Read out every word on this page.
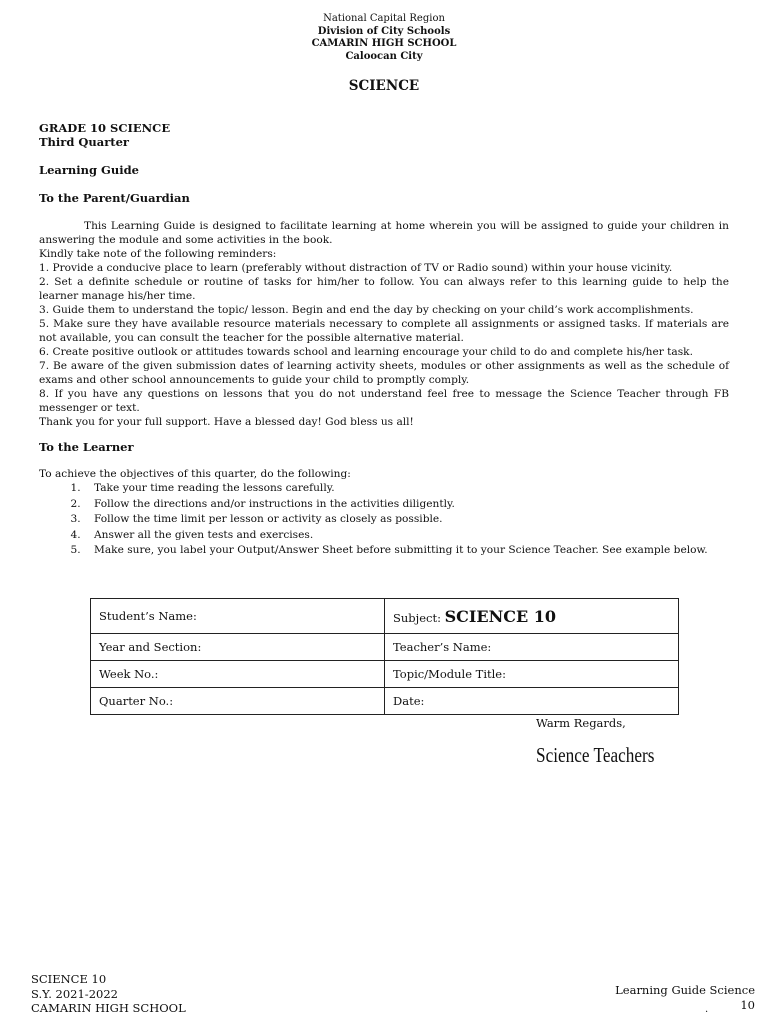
National Capital Region
Division of City Schools
CAMARIN HIGH SCHOOL
Caloocan City
SCIENCE
GRADE 10 SCIENCE
Third Quarter
Learning Guide
To the Parent/Guardian

This Learning Guide is designed to facilitate learning at home wherein you will be assigned to guide your children in answering the module and some activities in the book.

Kindly take note of the following reminders:

1. Provide a conducive place to learn (preferably without distraction of TV or Radio sound) within your house vicinity.

2. Set a definite schedule or routine of tasks for him/her to follow. You can always refer to this learning guide to help the learner manage his/her time.

3. Guide them to understand the topic/ lesson. Begin and end the day by checking on your child’s work accomplishments.

5. Make sure they have available resource materials necessary to complete all assignments or assigned tasks. If materials are not available, you can consult the teacher for the possible alternative material.

6. Create positive outlook or attitudes towards school and learning encourage your child to do and complete his/her task.

7. Be aware of the given submission dates of learning activity sheets, modules or other assignments as well as the schedule of exams and other school announcements to guide your child to promptly comply.

8. If you have any questions on lessons that you do not understand feel free to message the Science Teacher through FB messenger or text.

Thank you for your full support. Have a blessed day! God bless us all!

To the Learner

To achieve the objectives of this quarter, do the following:

1. Take your time reading the lessons carefully.
2. Follow the directions and/or instructions in the activities diligently.
3. Follow the time limit per lesson or activity as closely as possible.
4. Answer all the given tests and exercises.
5. Make sure, you label your Output/Answer Sheet before submitting it to your Science Teacher. See example below.
Student’s Name:	Subject: SCIENCE 10
Year and Section:	Teacher’s Name:
Week No.:	Topic/Module Title:
Quarter No.:	Date:
Warm Regards,
Science Teachers
SCIENCE 10
S.Y. 2021-2022
CAMARIN HIGH SCHOOL
Learning Guide Science
10
.
